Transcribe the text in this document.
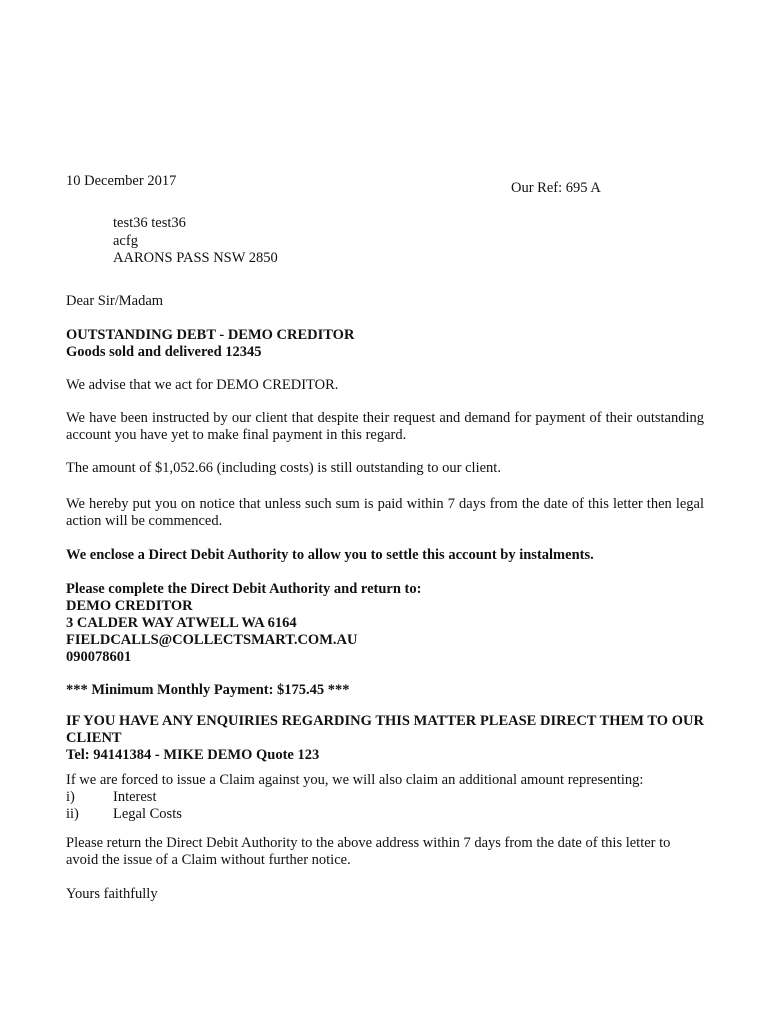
10 December 2017	Our Ref: 695 A
test36 test36
acfg
AARONS PASS NSW 2850
Dear Sir/Madam
OUTSTANDING DEBT - DEMO CREDITOR
Goods sold and delivered 12345
We advise that we act for DEMO CREDITOR.
We have been instructed by our client that despite their request and demand for payment of their outstanding account you have yet to make final payment in this regard.
The amount of $1,052.66 (including costs) is still outstanding to our client.
We hereby put you on notice that unless such sum is paid within 7 days from the date of this letter then legal action will be commenced.
We enclose a Direct Debit Authority to allow you to settle this account by instalments.
Please complete the Direct Debit Authority and return to:
DEMO CREDITOR
3 CALDER WAY ATWELL WA 6164
FIELDCALLS@COLLECTSMART.COM.AU
090078601
*** Minimum Monthly Payment: $175.45 ***
IF YOU HAVE ANY ENQUIRIES REGARDING THIS MATTER PLEASE DIRECT THEM TO OUR CLIENT
Tel: 94141384 - MIKE DEMO Quote 123
If we are forced to issue a Claim against you, we will also claim an additional amount representing:
i)	Interest
ii)	Legal Costs
Please return the Direct Debit Authority to the above address within 7 days from the date of this letter to avoid the issue of a Claim without further notice.
Yours faithfully
